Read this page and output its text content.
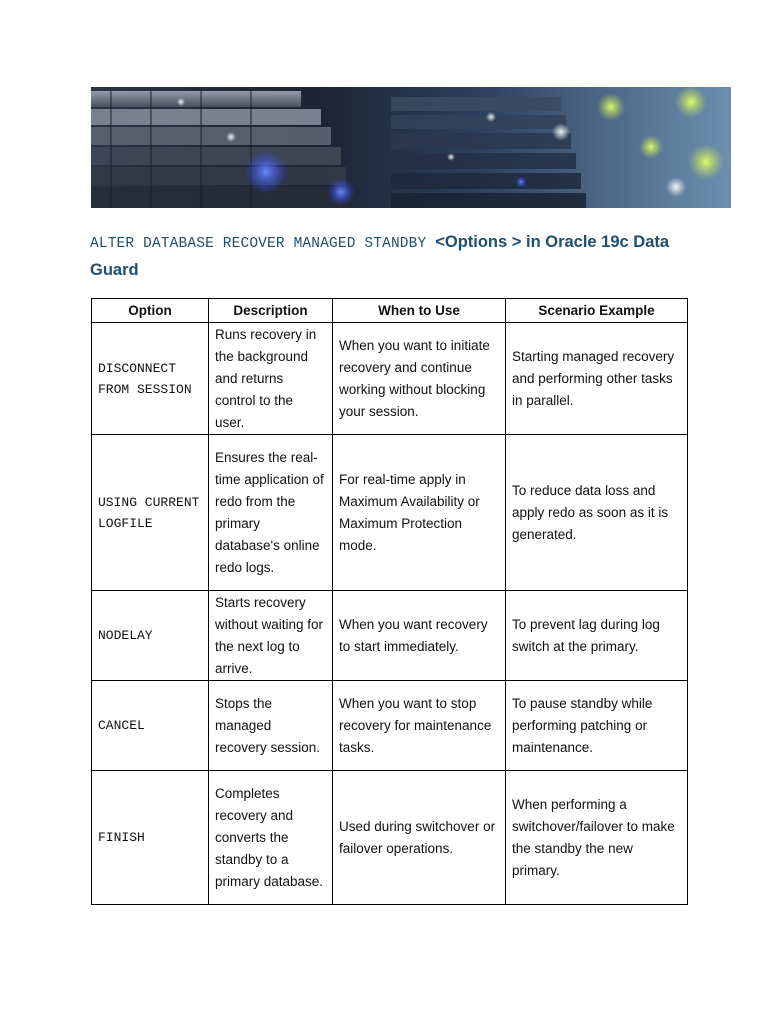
ALTER DATABASE RECOVER MANAGED STANDBY <Options > in Oracle 19c Data Guard
Option	Description	When to Use	Scenario Example
DISCONNECT FROM SESSION	Runs recovery in the background and returns control to the user.	When you want to initiate recovery and continue working without blocking your session.	Starting managed recovery and performing other tasks in parallel.
USING CURRENT LOGFILE	Ensures the real-time application of redo from the primary database's online redo logs.	For real-time apply in Maximum Availability or Maximum Protection mode.	To reduce data loss and apply redo as soon as it is generated.
NODELAY	Starts recovery without waiting for the next log to arrive.	When you want recovery to start immediately.	To prevent lag during log switch at the primary.
CANCEL	Stops the managed recovery session.	When you want to stop recovery for maintenance tasks.	To pause standby while performing patching or maintenance.
FINISH	Completes recovery and converts the standby to a primary database.	Used during switchover or failover operations.	When performing a switchover/failover to make the standby the new primary.
